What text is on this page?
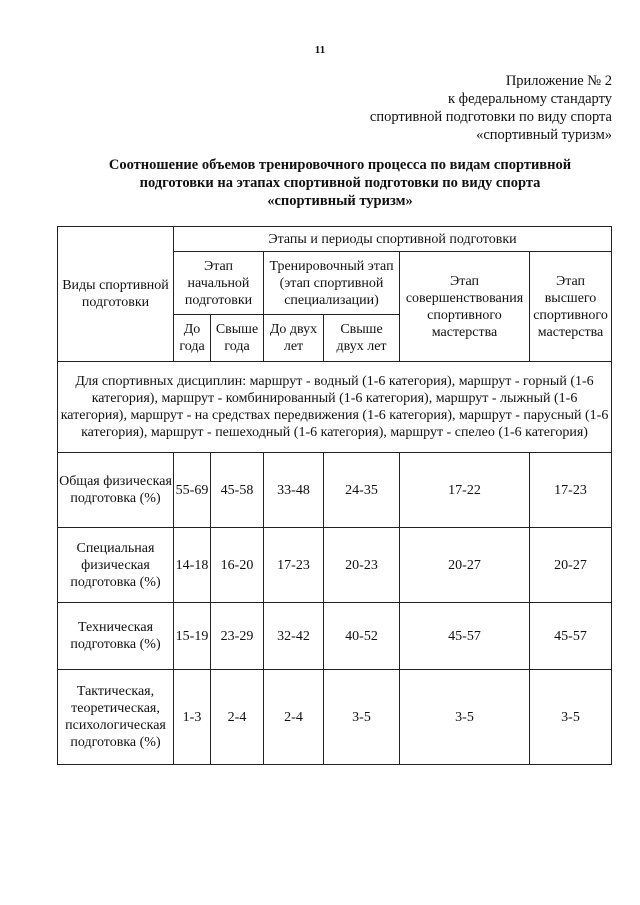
11
Приложение № 2
к федеральному стандарту
спортивной подготовки по виду спорта
«спортивный туризм»
Соотношение объемов тренировочного процесса по видам спортивной
подготовки на этапах спортивной подготовки по виду спорта
«спортивный туризм»
Виды спортивной подготовки	Этапы и периоды спортивной подготовки					
	Этап начальной подготовки		Тренировочный этап (этап спортивной специализации)		Этап совершенствования спортивного мастерства	Этап высшего спортивного мастерства
	До года	Свыше года	До двух лет	Свыше двух лет		
Для спортивных дисциплин: маршрут - водный (1-6 категория), маршрут - горный (1-6 категория), маршрут - комбинированный (1-6 категория), маршрут - лыжный (1-6 категория), маршрут - на средствах передвижения (1-6 категория), маршрут - парусный (1-6 категория), маршрут - пешеходный (1-6 категория), маршрут - спелео (1-6 категория)						
Общая физическая подготовка (%)	55-69	45-58	33-48	24-35	17-22	17-23
Специальная физическая подготовка (%)	14-18	16-20	17-23	20-23	20-27	20-27
Техническая подготовка (%)	15-19	23-29	32-42	40-52	45-57	45-57
Тактическая, теоретическая, психологическая подготовка (%)	1-3	2-4	2-4	3-5	3-5	3-5
